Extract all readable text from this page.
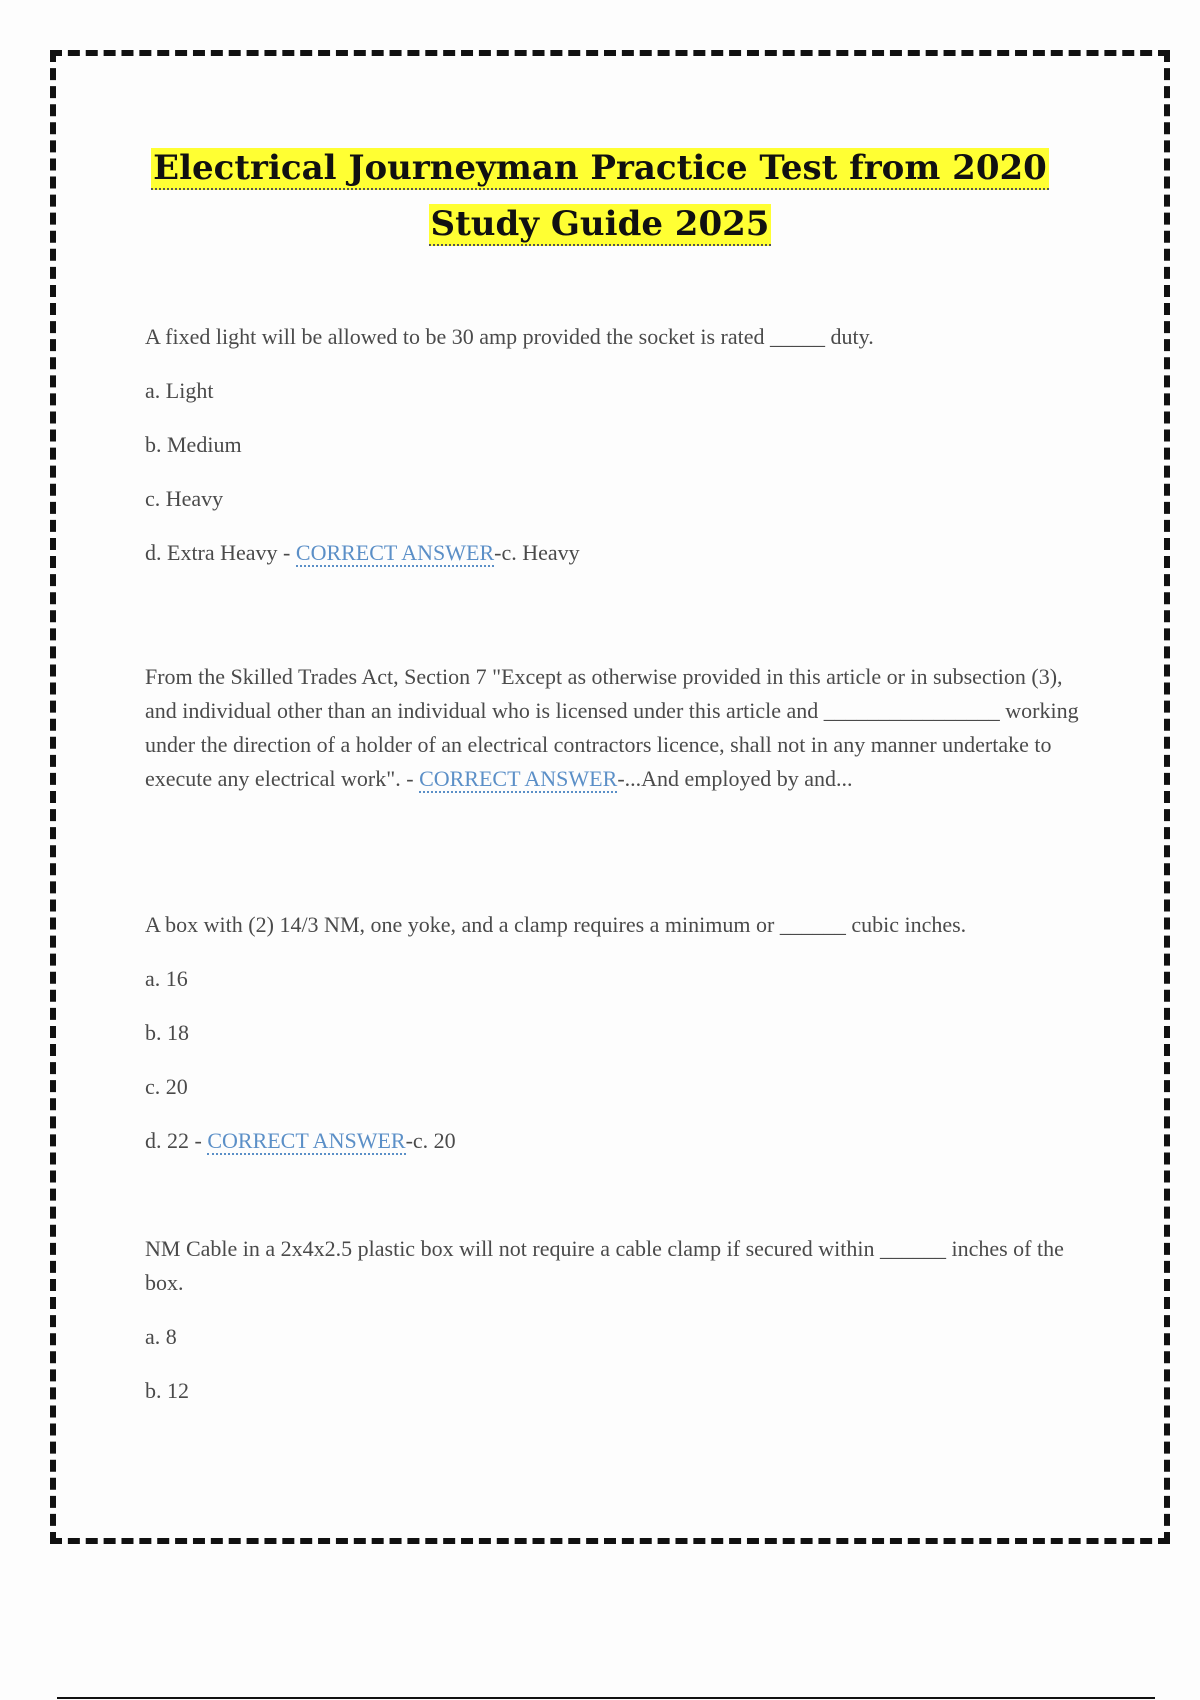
Electrical Journeyman Practice Test from 2020
Study Guide 2025

A fixed light will be allowed to be 30 amp provided the socket is rated _____ duty.

a. Light

b. Medium

c. Heavy

d. Extra Heavy - CORRECT ANSWER-c. Heavy

From the Skilled Trades Act, Section 7 "Except as otherwise provided in this article or in subsection (3), and individual other than an individual who is licensed under this article and ________________ working under the direction of a holder of an electrical contractors licence, shall not in any manner undertake to execute any electrical work". - CORRECT ANSWER-...And employed by and...

A box with (2) 14/3 NM, one yoke, and a clamp requires a minimum or ______ cubic inches.

a. 16

b. 18

c. 20

d. 22 - CORRECT ANSWER-c. 20

NM Cable in a 2x4x2.5 plastic box will not require a cable clamp if secured within ______ inches of the box.

a. 8

b. 12
